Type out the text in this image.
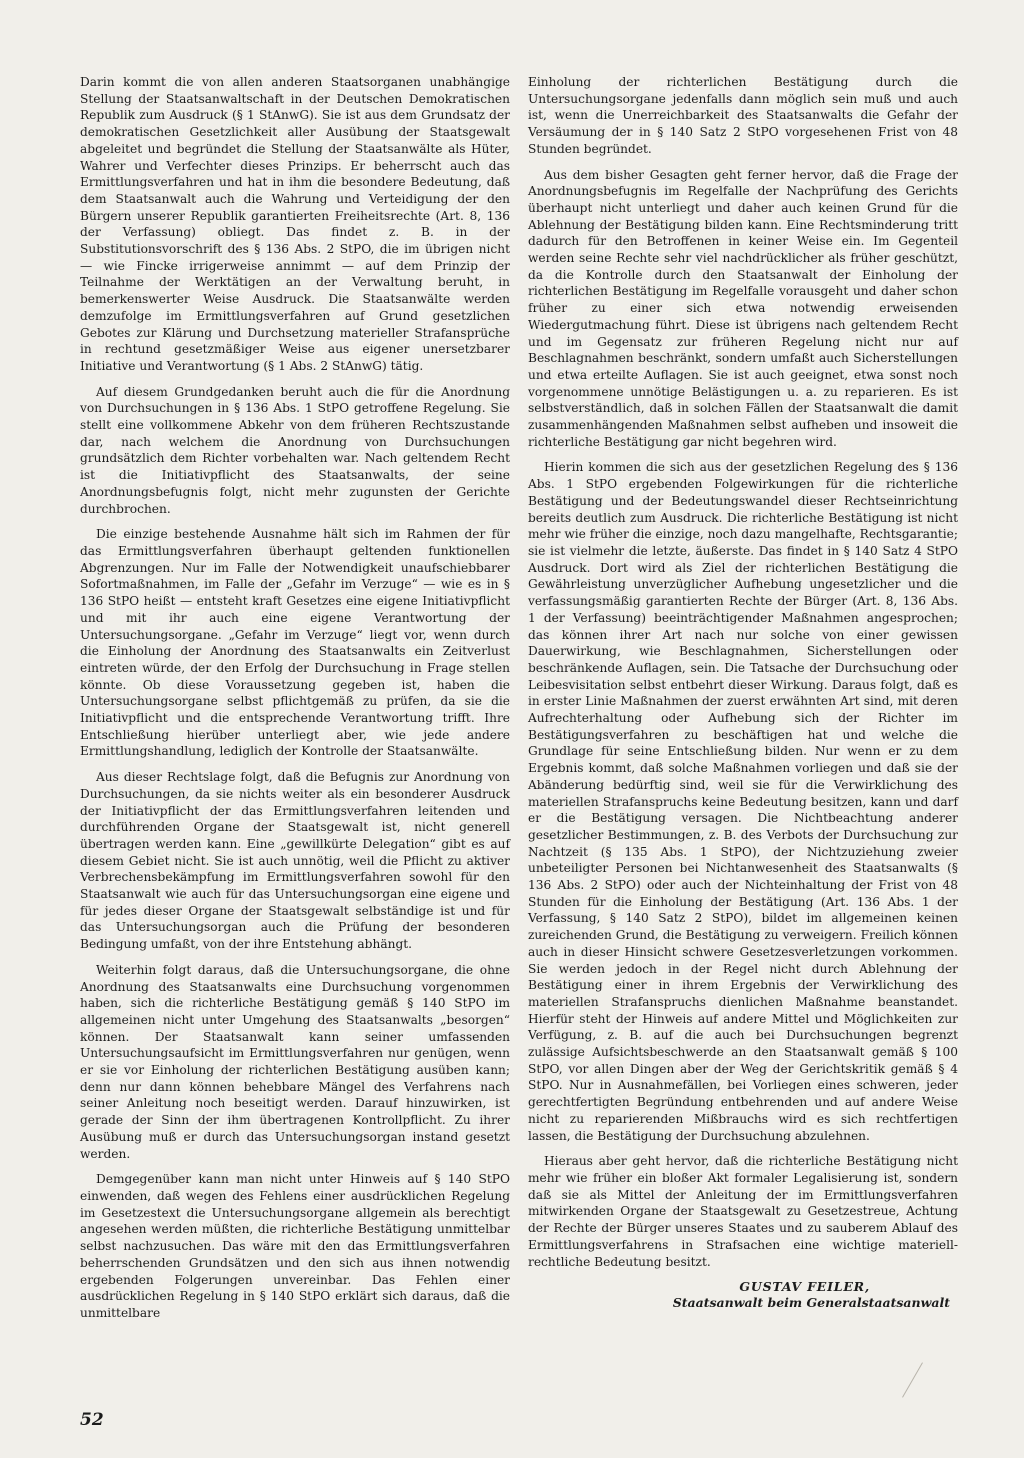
Darin kommt die von allen anderen Staatsorganen unabhängige Stellung der Staatsanwaltschaft in der Deutschen Demokratischen Republik zum Ausdruck (§ 1 StAnwG). Sie ist aus dem Grundsatz der demokratischen Gesetzlichkeit aller Ausübung der Staatsgewalt abgeleitet und begründet die Stellung der Staatsanwälte als Hüter, Wahrer und Verfechter dieses Prinzips. Er beherrscht auch das Ermittlungsverfahren und hat in ihm die besondere Bedeutung, daß dem Staatsanwalt auch die Wahrung und Verteidigung der den Bürgern unserer Republik garantierten Freiheitsrechte (Art. 8, 136 der Verfassung) obliegt. Das findet z. B. in der Substitutionsvorschrift des § 136 Abs. 2 StPO, die im übrigen nicht — wie Fincke irrigerweise annimmt — auf dem Prinzip der Teilnahme der Werktätigen an der Verwaltung beruht, in bemerkenswerter Weise Ausdruck. Die Staatsanwälte werden demzufolge im Ermittlungsverfahren auf Grund gesetzlichen Gebotes zur Klärung und Durchsetzung materieller Strafansprüche in rechtund gesetzmäßiger Weise aus eigener unersetzbarer Initiative und Verantwortung (§ 1 Abs. 2 StAnwG) tätig.

Auf diesem Grundgedanken beruht auch die für die Anordnung von Durchsuchungen in § 136 Abs. 1 StPO getroffene Regelung. Sie stellt eine vollkommene Abkehr von dem früheren Rechtszustande dar, nach welchem die Anordnung von Durchsuchungen grundsätzlich dem Richter vorbehalten war. Nach geltendem Recht ist die Initiativpflicht des Staatsanwalts, der seine Anordnungsbefugnis folgt, nicht mehr zugunsten der Gerichte durchbrochen.

Die einzige bestehende Ausnahme hält sich im Rahmen der für das Ermittlungsverfahren überhaupt geltenden funktionellen Abgrenzungen. Nur im Falle der Notwendigkeit unaufschiebbarer Sofortmaßnahmen, im Falle der „Gefahr im Verzuge“ — wie es in § 136 StPO heißt — entsteht kraft Gesetzes eine eigene Initiativpflicht und mit ihr auch eine eigene Verantwortung der Untersuchungsorgane. „Gefahr im Verzuge“ liegt vor, wenn durch die Einholung der Anordnung des Staatsanwalts ein Zeitverlust eintreten würde, der den Erfolg der Durchsuchung in Frage stellen könnte. Ob diese Voraussetzung gegeben ist, haben die Untersuchungsorgane selbst pflichtgemäß zu prüfen, da sie die Initiativpflicht und die entsprechende Verantwortung trifft. Ihre Entschließung hierüber unterliegt aber, wie jede andere Ermittlungshandlung, lediglich der Kontrolle der Staatsanwälte.

Aus dieser Rechtslage folgt, daß die Befugnis zur Anordnung von Durchsuchungen, da sie nichts weiter als ein besonderer Ausdruck der Initiativpflicht der das Ermittlungsverfahren leitenden und durchführenden Organe der Staatsgewalt ist, nicht generell übertragen werden kann. Eine „gewillkürte Delegation“ gibt es auf diesem Gebiet nicht. Sie ist auch unnötig, weil die Pflicht zu aktiver Verbrechensbekämpfung im Ermittlungsverfahren sowohl für den Staatsanwalt wie auch für das Untersuchungsorgan eine eigene und für jedes dieser Organe der Staatsgewalt selbständige ist und für das Untersuchungsorgan auch die Prüfung der besonderen Bedingung umfaßt, von der ihre Entstehung abhängt.

Weiterhin folgt daraus, daß die Untersuchungsorgane, die ohne Anordnung des Staatsanwalts eine Durchsuchung vorgenommen haben, sich die richterliche Bestätigung gemäß § 140 StPO im allgemeinen nicht unter Umgehung des Staatsanwalts „besorgen“ können. Der Staatsanwalt kann seiner umfassenden Untersuchungsaufsicht im Ermittlungsverfahren nur genügen, wenn er sie vor Einholung der richterlichen Bestätigung ausüben kann; denn nur dann können behebbare Mängel des Verfahrens nach seiner Anleitung noch beseitigt werden. Darauf hinzuwirken, ist gerade der Sinn der ihm übertragenen Kontrollpflicht. Zu ihrer Ausübung muß er durch das Untersuchungsorgan instand gesetzt werden.

Demgegenüber kann man nicht unter Hinweis auf § 140 StPO einwenden, daß wegen des Fehlens einer ausdrücklichen Regelung im Gesetzestext die Untersuchungsorgane allgemein als berechtigt angesehen werden müßten, die richterliche Bestätigung unmittelbar selbst nachzusuchen. Das wäre mit den das Ermittlungsverfahren beherrschenden Grundsätzen und den sich aus ihnen notwendig ergebenden Folgerungen unvereinbar. Das Fehlen einer ausdrücklichen Regelung in § 140 StPO erklärt sich daraus, daß die unmittelbare

Einholung der richterlichen Bestätigung durch die Untersuchungsorgane jedenfalls dann möglich sein muß und auch ist, wenn die Unerreichbarkeit des Staatsanwalts die Gefahr der Versäumung der in § 140 Satz 2 StPO vorgesehenen Frist von 48 Stunden begründet.

Aus dem bisher Gesagten geht ferner hervor, daß die Frage der Anordnungsbefugnis im Regelfalle der Nachprüfung des Gerichts überhaupt nicht unterliegt und daher auch keinen Grund für die Ablehnung der Bestätigung bilden kann. Eine Rechtsminderung tritt dadurch für den Betroffenen in keiner Weise ein. Im Gegenteil werden seine Rechte sehr viel nachdrücklicher als früher geschützt, da die Kontrolle durch den Staatsanwalt der Einholung der richterlichen Bestätigung im Regelfalle vorausgeht und daher schon früher zu einer sich etwa notwendig erweisenden Wiedergutmachung führt. Diese ist übrigens nach geltendem Recht und im Gegensatz zur früheren Regelung nicht nur auf Beschlagnahmen beschränkt, sondern umfaßt auch Sicherstellungen und etwa erteilte Auflagen. Sie ist auch geeignet, etwa sonst noch vorgenommene unnötige Belästigungen u. a. zu reparieren. Es ist selbstverständlich, daß in solchen Fällen der Staatsanwalt die damit zusammenhängenden Maßnahmen selbst aufheben und insoweit die richterliche Bestätigung gar nicht begehren wird.

Hierin kommen die sich aus der gesetzlichen Regelung des § 136 Abs. 1 StPO ergebenden Folgewirkungen für die richterliche Bestätigung und der Bedeutungswandel dieser Rechtseinrichtung bereits deutlich zum Ausdruck. Die richterliche Bestätigung ist nicht mehr wie früher die einzige, noch dazu mangelhafte, Rechtsgarantie; sie ist vielmehr die letzte, äußerste. Das findet in § 140 Satz 4 StPO Ausdruck. Dort wird als Ziel der richterlichen Bestätigung die Gewährleistung unverzüglicher Aufhebung ungesetzlicher und die verfassungsmäßig garantierten Rechte der Bürger (Art. 8, 136 Abs. 1 der Verfassung) beeinträchtigender Maßnahmen angesprochen; das können ihrer Art nach nur solche von einer gewissen Dauerwirkung, wie Beschlagnahmen, Sicherstellungen oder beschränkende Auflagen, sein. Die Tatsache der Durchsuchung oder Leibesvisitation selbst entbehrt dieser Wirkung. Daraus folgt, daß es in erster Linie Maßnahmen der zuerst erwähnten Art sind, mit deren Aufrechterhaltung oder Aufhebung sich der Richter im Bestätigungsverfahren zu beschäftigen hat und welche die Grundlage für seine Entschließung bilden. Nur wenn er zu dem Ergebnis kommt, daß solche Maßnahmen vorliegen und daß sie der Abänderung bedürftig sind, weil sie für die Verwirklichung des materiellen Strafanspruchs keine Bedeutung besitzen, kann und darf er die Bestätigung versagen. Die Nichtbeachtung anderer gesetzlicher Bestimmungen, z. B. des Verbots der Durchsuchung zur Nachtzeit (§ 135 Abs. 1 StPO), der Nichtzuziehung zweier unbeteiligter Personen bei Nichtanwesenheit des Staatsanwalts (§ 136 Abs. 2 StPO) oder auch der Nichteinhaltung der Frist von 48 Stunden für die Einholung der Bestätigung (Art. 136 Abs. 1 der Verfassung, § 140 Satz 2 StPO), bildet im allgemeinen keinen zureichenden Grund, die Bestätigung zu verweigern. Freilich können auch in dieser Hinsicht schwere Gesetzesverletzungen vorkommen. Sie werden jedoch in der Regel nicht durch Ablehnung der Bestätigung einer in ihrem Ergebnis der Verwirklichung des materiellen Strafanspruchs dienlichen Maßnahme beanstandet. Hierfür steht der Hinweis auf andere Mittel und Möglichkeiten zur Verfügung, z. B. auf die auch bei Durchsuchungen begrenzt zulässige Aufsichtsbeschwerde an den Staatsanwalt gemäß § 100 StPO, vor allen Dingen aber der Weg der Gerichtskritik gemäß § 4 StPO. Nur in Ausnahmefällen, bei Vorliegen eines schweren, jeder gerechtfertigten Begründung entbehrenden und auf andere Weise nicht zu reparierenden Mißbrauchs wird es sich rechtfertigen lassen, die Bestätigung der Durchsuchung abzulehnen.

Hieraus aber geht hervor, daß die richterliche Bestätigung nicht mehr wie früher ein bloßer Akt formaler Legalisierung ist, sondern daß sie als Mittel der Anleitung der im Ermittlungsverfahren mitwirkenden Organe der Staatsgewalt zu Gesetzestreue, Achtung der Rechte der Bürger unseres Staates und zu sauberem Ablauf des Ermittlungsverfahrens in Strafsachen eine wichtige materiell-rechtliche Bedeutung besitzt.

GUSTAV FEILER,
Staatsanwalt beim Generalstaatsanwalt
52
